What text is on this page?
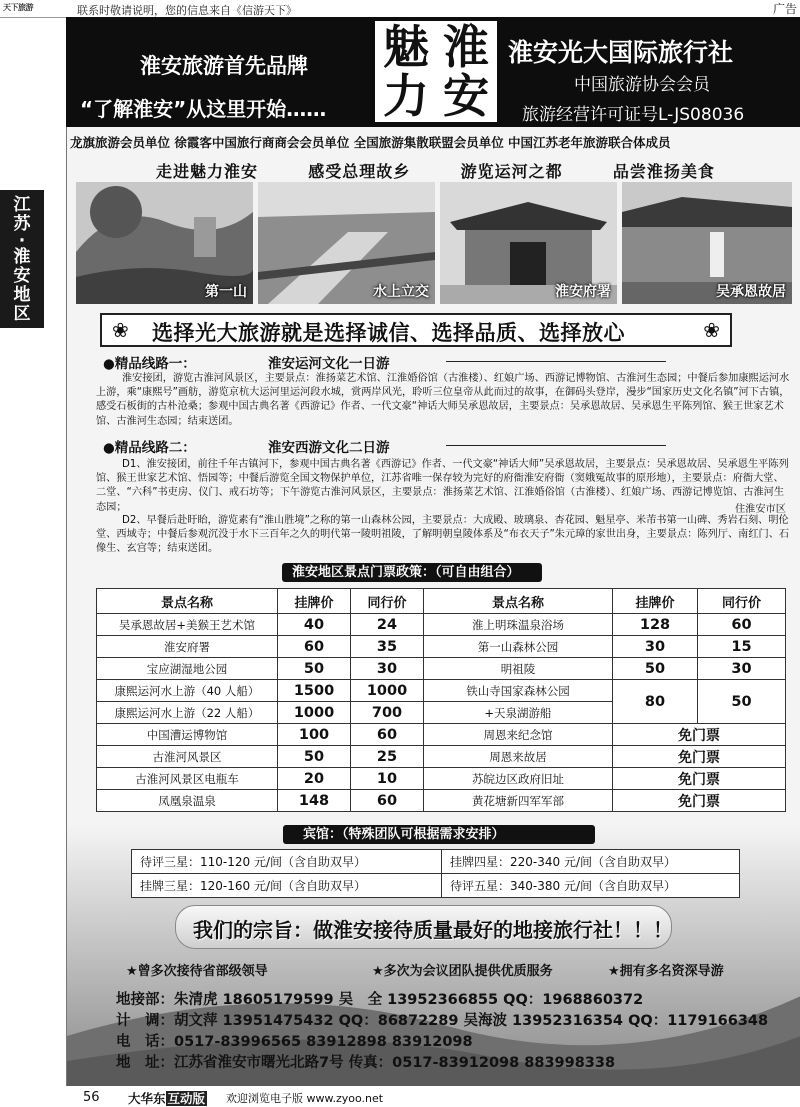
天下旅游	联系时敬请说明，您的信息来自《信游天下》	广告
江
苏
·
淮
安
地
区
淮安旅游首先品牌
“了解淮安”从这里开始……
魅 淮
力 安
淮安光大国际旅行社
中国旅游协会会员
旅游经营许可证号L-JS08036
龙旗旅游会员单位 徐霞客中国旅行商商会会员单位 全国旅游集散联盟会员单位 中国江苏老年旅游联合体成员
走进魅力淮安	感受总理故乡	游览运河之都	品尝淮扬美食
第一山	水上立交	淮安府署	吴承恩故居
❀ 选择光大旅游就是选择诚信、选择品质、选择放心	❀
●精品线路一：	淮安运河文化一日游
淮安接团，游览古淮河风景区，主要景点：淮扬菜艺术馆、江淮婚俗馆（古淮楼）、红娘广场、西游记博物馆、古淮河生态园；中餐后参加康熙运河水上游，乘“康熙号”画舫，游览京杭大运河里运河段水城，赏两岸风光，聆听三位皇帝从此而过的故事，在御码头登岸，漫步“国家历史文化名镇”河下古镇，感受石板街的古朴沧桑；参观中国古典名著《西游记》作者、一代文豪“神话大师吴承恩故居，主要景点：吴承恩故居、吴承恩生平陈列馆、猴王世家艺术馆、古淮河生态园；结束送团。
●精品线路二：	淮安西游文化二日游
D1、淮安接团，前往千年古镇河下，参观中国古典名著《西游记》作者、一代文豪“神话大师”吴承恩故居，主要景点：吴承恩故居、吴承恩生平陈列馆、猴王世家艺术馆、悟园等；中餐后游览全国文物保护单位，江苏省唯一保存较为完好的府衙淮安府衙（窦娥冤故事的原形地），主要景点：府衙大堂、二堂、“六科”书吏房、仪门、戒石坊等；下午游览古淮河风景区，主要景点：淮扬菜艺术馆、江淮婚俗馆（古淮楼）、红娘广场、西游记博览馆、古淮河生态园；	住淮安市区
D2、早餐后赴盱眙，游览素有“淮山胜境”之称的第一山森林公园，主要景点：大成殿、玻璃泉、杏花园、魁星亭、米芾书第一山碑、秀岩石刻、明伦堂、西域寺；中餐后参观沉没于水下三百年之久的明代第一陵明祖陵，了解明朝皇陵体系及“布衣天子”朱元璋的家世出身，主要景点：陈列厅、南红门、石像生、玄宫等；结束送团。
淮安地区景点门票政策：（可自由组合）
景点名称	挂牌价	同行价	景点名称	挂牌价	同行价
吴承恩故居+美猴王艺术馆	40	24	淮上明珠温泉浴场	128	60
淮安府署	60	35	第一山森林公园	30	15
宝应湖湿地公园	50	30	明祖陵	50	30
康熙运河水上游（40 人船）	1500	1000	铁山寺国家森林公园	80	50
康熙运河水上游（22 人船）	1000	700	+天泉湖游船		
中国漕运博物馆	100	60	周恩来纪念馆	免门票	
古淮河风景区	50	25	周恩来故居	免门票	
古淮河风景区电瓶车	20	10	苏皖边区政府旧址	免门票	
凤凰泉温泉	148	60	黄花塘新四军军部	免门票	
宾馆：（特殊团队可根据需求安排）
待评三星：110-120 元/间（含自助双早）	挂牌四星：220-340 元/间（含自助双早）
挂牌三星：120-160 元/间（含自助双早）	待评五星：340-380 元/间（含自助双早）
我们的宗旨：做淮安接待质量最好的地接旅行社！！！
★曾多次接待省部级领导	★多次为会议团队提供优质服务	★拥有多名资深导游
地接部：朱清虎 18605179599 吴　全 13952366855 QQ：1968860372
计　调：胡文萍 13951475432 QQ：86872289 吴海波 13952316354 QQ：1179166348
电　话：0517-83996565 83912898 83912098
地　址：江苏省淮安市曙光北路7号 传真：0517-83912098 883998338
56 大华东 互动版 欢迎浏览电子版 www.zyoo.net
